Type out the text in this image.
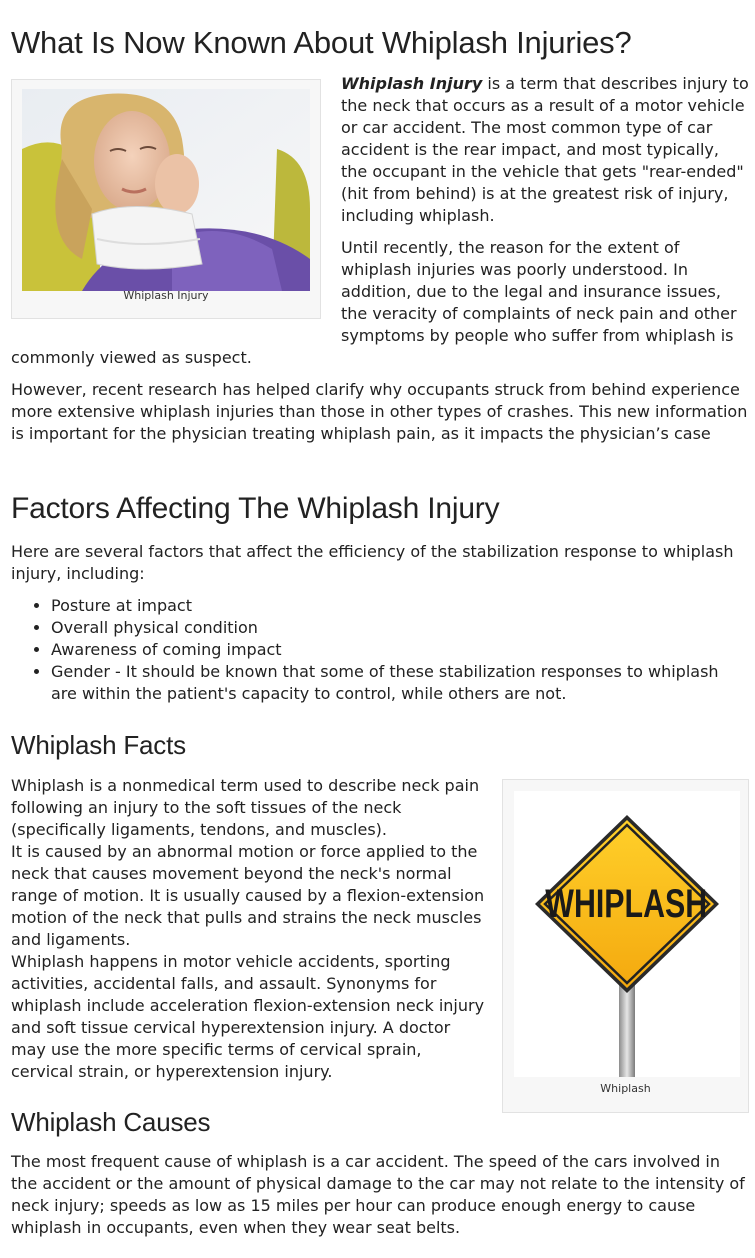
What Is Now Known About Whiplash Injuries?
Whiplash Injury

Whiplash Injury is a term that describes injury to the neck that occurs as a result of a motor vehicle or car accident. The most common type of car accident is the rear impact, and most typically, the occupant in the vehicle that gets "rear-ended" (hit from behind) is at the greatest risk of injury, including whiplash.

Until recently, the reason for the extent of whiplash injuries was poorly understood. In addition, due to the legal and insurance issues, the veracity of complaints of neck pain and other symptoms by people who suffer from whiplash is commonly viewed as suspect.

However, recent research has helped clarify why occupants struck from behind experience more extensive whiplash injuries than those in other types of crashes. This new information is important for the physician treating whiplash pain, as it impacts the physician’s case

Factors Affecting The Whiplash Injury

Here are several factors that affect the efficiency of the stabilization response to whiplash injury, including:

• Posture at impact
• Overall physical condition
• Awareness of coming impact
• Gender - It should be known that some of these stabilization responses to whiplash are within the patient's capacity to control, while others are not.
Whiplash Facts

Whiplash is a nonmedical term used to describe neck pain following an injury to the soft tissues of the neck (specifically ligaments, tendons, and muscles).

It is caused by an abnormal motion or force applied to the neck that causes movement beyond the neck's normal range of motion. It is usually caused by a flexion-extension motion of the neck that pulls and strains the neck muscles and ligaments.

Whiplash happens in motor vehicle accidents, sporting activities, accidental falls, and assault. Synonyms for whiplash include acceleration flexion-extension neck injury and soft tissue cervical hyperextension injury. A doctor may use the more specific terms of cervical sprain, cervical strain, or hyperextension injury.

WHIPLASH
Whiplash
Whiplash Causes

The most frequent cause of whiplash is a car accident. The speed of the cars involved in the accident or the amount of physical damage to the car may not relate to the intensity of neck injury; speeds as low as 15 miles per hour can produce enough energy to cause whiplash in occupants, even when they wear seat belts.
